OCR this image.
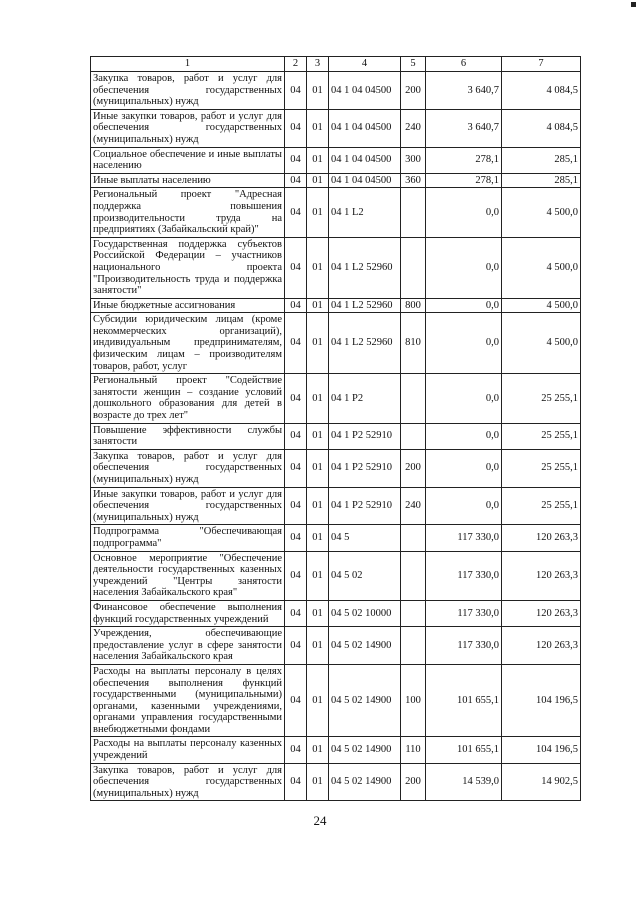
1	2	3	4	5	6	7
Закупка товаров, работ и услуг для обеспечения государственных (муниципальных) нужд	04	01	04 1 04 04500	200	3 640,7	4 084,5
Иные закупки товаров, работ и услуг для обеспечения государственных (муниципальных) нужд	04	01	04 1 04 04500	240	3 640,7	4 084,5
Социальное обеспечение и иные выплаты населению	04	01	04 1 04 04500	300	278,1	285,1
Иные выплаты населению	04	01	04 1 04 04500	360	278,1	285,1
Региональный проект "Адресная поддержка повышения производительности труда на предприятиях (Забайкальский край)"	04	01	04 1 L2		0,0	4 500,0
Государственная поддержка субъектов Российской Федерации – участников национального проекта "Производительность труда и поддержка занятости"	04	01	04 1 L2 52960		0,0	4 500,0
Иные бюджетные ассигнования	04	01	04 1 L2 52960	800	0,0	4 500,0
Субсидии юридическим лицам (кроме некоммерческих организаций), индивидуальным предпринимателям, физическим лицам – производителям товаров, работ, услуг	04	01	04 1 L2 52960	810	0,0	4 500,0
Региональный проект "Содействие занятости женщин – создание условий дошкольного образования для детей в возрасте до трех лет"	04	01	04 1 P2		0,0	25 255,1
Повышение эффективности службы занятости	04	01	04 1 P2 52910		0,0	25 255,1
Закупка товаров, работ и услуг для обеспечения государственных (муниципальных) нужд	04	01	04 1 P2 52910	200	0,0	25 255,1
Иные закупки товаров, работ и услуг для обеспечения государственных (муниципальных) нужд	04	01	04 1 P2 52910	240	0,0	25 255,1
Подпрограмма "Обеспечивающая подпрограмма"	04	01	04 5		117 330,0	120 263,3
Основное мероприятие "Обеспечение деятельности государственных казенных учреждений "Центры занятости населения Забайкальского края"	04	01	04 5 02		117 330,0	120 263,3
Финансовое обеспечение выполнения функций государственных учреждений	04	01	04 5 02 10000		117 330,0	120 263,3
Учреждения, обеспечивающие предоставление услуг в сфере занятости населения Забайкальского края	04	01	04 5 02 14900		117 330,0	120 263,3
Расходы на выплаты персоналу в целях обеспечения выполнения функций государственными (муниципальными) органами, казенными учреждениями, органами управления государственными внебюджетными фондами	04	01	04 5 02 14900	100	101 655,1	104 196,5
Расходы на выплаты персоналу казенных учреждений	04	01	04 5 02 14900	110	101 655,1	104 196,5
Закупка товаров, работ и услуг для обеспечения государственных (муниципальных) нужд	04	01	04 5 02 14900	200	14 539,0	14 902,5
24
